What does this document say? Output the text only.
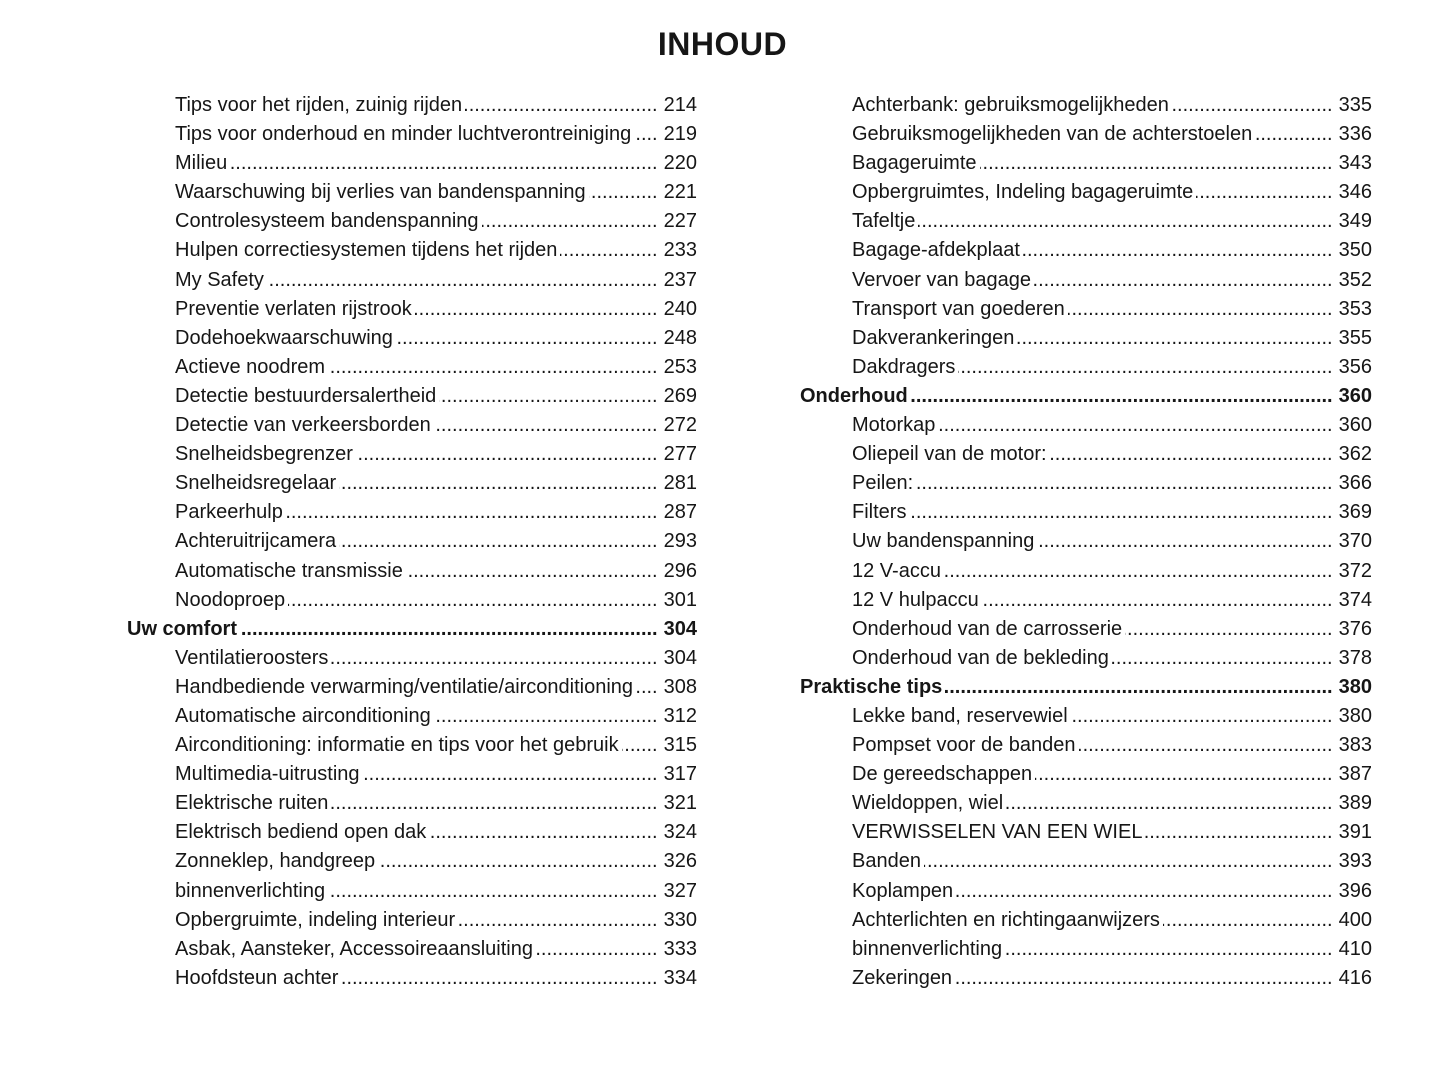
INHOUD
Tips voor het rijden, zuinig rijden .....	214
Tips voor onderhoud en minder luchtverontreiniging ..... 219
Milieu .....	220
Waarschuwing bij verlies van bandenspanning .....	221
Controlesysteem bandenspanning .....	227
Hulpen correctiesystemen tijdens het rijden .....	233
My Safety .....	237
Preventie verlaten rijstrook .....	240
Dodehoekwaarschuwing .....	248
Actieve noodrem .....	253
Detectie bestuurdersalertheid .....	269
Detectie van verkeersborden .....	272
Snelheidsbegrenzer .....	277
Snelheidsregelaar .....	281
Parkeerhulp .....	287
Achteruitrijcamera .....	293
Automatische transmissie .....	296
Noodoproep .....	301
Uw comfort .....	304
Ventilatieroosters .....	304
Handbediende verwarming/ventilatie/airconditioning ..... 308
Automatische airconditioning .....	312
Airconditioning: informatie en tips voor het gebruik ..... 315
Multimedia-uitrusting .....	317
Elektrische ruiten .....	321
Elektrisch bediend open dak .....	324
Zonneklep, handgreep .....	326
binnenverlichting .....	327
Opbergruimte, indeling interieur .....	330
Asbak, Aansteker, Accessoireaansluiting .....	333
Hoofdsteun achter .....	334
Achterbank: gebruiksmogelijkheden .....	335
Gebruiksmogelijkheden van de achterstoelen .....	336
Bagageruimte .....	343
Opbergruimtes, Indeling bagageruimte .....	346
Tafeltje .....	349
Bagage-afdekplaat .....	350
Vervoer van bagage .....	352
Transport van goederen .....	353
Dakverankeringen .....	355
Dakdragers .....	356
Onderhoud .....	360
Motorkap .....	360
Oliepeil van de motor: .....	362
Peilen: .....	366
Filters .....	369
Uw bandenspanning .....	370
12 V-accu .....	372
12 V hulpaccu .....	374
Onderhoud van de carrosserie .....	376
Onderhoud van de bekleding .....	378
Praktische tips .....	380
Lekke band, reservewiel .....	380
Pompset voor de banden .....	383
De gereedschappen .....	387
Wieldoppen, wiel .....	389
VERWISSELEN VAN EEN WIEL .....	391
Banden .....	393
Koplampen .....	396
Achterlichten en richtingaanwijzers .....	400
binnenverlichting .....	410
Zekeringen .....	416
